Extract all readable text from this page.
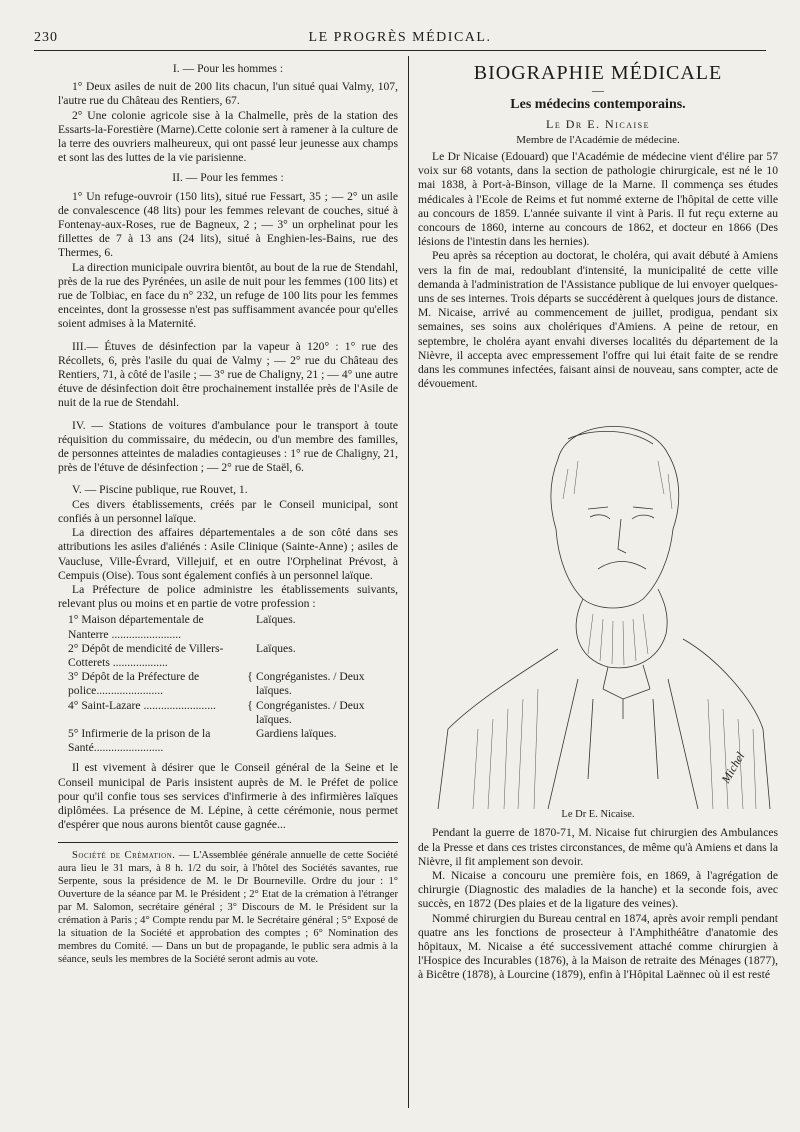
230	LE PROGRÈS MÉDICAL.

I. — Pour les hommes :

1° Deux asiles de nuit de 200 lits chacun, l'un situé quai Valmy, 107, l'autre rue du Château des Rentiers, 67.

2° Une colonie agricole sise à la Chalmelle, près de la station des Essarts-la-Forestière (Marne).Cette colonie sert à ramener à la culture de la terre des ouvriers malheureux, qui ont passé leur jeunesse aux champs et sont las des luttes de la vie parisienne.

II. — Pour les femmes :

1° Un refuge-ouvroir (150 lits), situé rue Fessart, 35 ; — 2° un asile de convalescence (48 lits) pour les femmes relevant de couches, situé à Fontenay-aux-Roses, rue de Bagneux, 2 ; — 3° un orphelinat pour les fillettes de 7 à 13 ans (24 lits), situé à Enghien-les-Bains, rue des Thermes, 6.

La direction municipale ouvrira bientôt, au bout de la rue de Stendahl, près de la rue des Pyrénées, un asile de nuit pour les femmes (100 lits) et rue de Tolbiac, en face du n° 232, un refuge de 100 lits pour les femmes enceintes, dont la grossesse n'est pas suffisamment avancée pour qu'elles soient admises à la Maternité.

III.— Étuves de désinfection par la vapeur à 120° : 1° rue des Récollets, 6, près l'asile du quai de Valmy ; — 2° rue du Château des Rentiers, 71, à côté de l'asile ; — 3° rue de Chaligny, 21 ; — 4° une autre étuve de désinfection doit être prochainement installée près de l'Asile de nuit de la rue de Stendahl.

IV. — Stations de voitures d'ambulance pour le transport à toute réquisition du commissaire, du médecin, ou d'un membre des familles, de personnes atteintes de maladies contagieuses : 1° rue de Chaligny, 21, près de l'étuve de désinfection ; — 2° rue de Staël, 6.

V. — Piscine publique, rue Rouvet, 1.

Ces divers établissements, créés par le Conseil municipal, sont confiés à un personnel laïque.

La direction des affaires départementales a de son côté dans ses attributions les asiles d'aliénés : Asile Clinique (Sainte-Anne) ; asiles de Vaucluse, Ville-Évrard, Villejuif, et en outre l'Orphelinat Prévost, à Cempuis (Oise). Tous sont également confiés à un personnel laïque.

La Préfecture de police administre les établissements suivants, relevant plus ou moins et en partie de votre profession :

1° Maison départementale de Nanterre ........................
Laïques.
2° Dépôt de mendicité de Villers-Cotterets ...................
Laïques.
3° Dépôt de la Préfecture de police.......................
{ Congréganistes. / Deux laïques.
4° Saint-Lazare .........................	{ Congréganistes. / Deux laïques.
5° Infirmerie de la prison de la Santé........................
Gardiens laïques.

Il est vivement à désirer que le Conseil général de la Seine et le Conseil municipal de Paris insistent auprès de M. le Préfet de police pour qu'il confie tous ses services d'infirmerie à des infirmières laïques diplômées. La présence de M. Lépine, à cette cérémonie, nous permet d'espérer que nous aurons bientôt cause gagnée...

Société de Crémation. — L'Assemblée générale annuelle de cette Société aura lieu le 31 mars, à 8 h. 1/2 du soir, à l'hôtel des Sociétés savantes, rue Serpente, sous la présidence de M. le Dr Bourneville. Ordre du jour : 1° Ouverture de la séance par M. le Président ; 2° Etat de la crémation à l'étranger par M. Salomon, secrétaire général ; 3° Discours de M. le Président sur la crémation à Paris ; 4° Compte rendu par M. le Secrétaire général ; 5° Exposé de la situation de la Société et approbation des comptes ; 6° Nomination des membres du Comité. — Dans un but de propagande, le public sera admis à la séance, seuls les membres de la Société seront admis au vote.

BIOGRAPHIE MÉDICALE
—
Les médecins contemporains.
Le Dr E. Nicaise
Membre de l'Académie de médecine.

Le Dr Nicaise (Edouard) que l'Académie de médecine vient d'élire par 57 voix sur 68 votants, dans la section de pathologie chirurgicale, est né le 10 mai 1838, à Port-à-Binson, village de la Marne. Il commença ses études médicales à l'Ecole de Reims et fut nommé externe de l'hôpital de cette ville au concours de 1859. L'année suivante il vint à Paris. Il fut reçu externe au concours de 1860, interne au concours de 1862, et docteur en 1866 (Des lésions de l'intestin dans les hernies).

Peu après sa réception au doctorat, le choléra, qui avait débuté à Amiens vers la fin de mai, redoublant d'intensité, la municipalité de cette ville demanda à l'administration de l'Assistance publique de lui envoyer quelques-uns de ses internes. Trois départs se succédèrent à quelques jours de distance. M. Nicaise, arrivé au commencement de juillet, prodigua, pendant six semaines, ses soins aux cholériques d'Amiens. A peine de retour, en septembre, le choléra ayant envahi diverses localités du département de la Nièvre, il accepta avec empressement l'offre qui lui était faite de se rendre dans les communes infectées, faisant ainsi de nouveau, sans compter, acte de dévouement.

Michel
Le Dr E. Nicaise.

Pendant la guerre de 1870-71, M. Nicaise fut chirurgien des Ambulances de la Presse et dans ces tristes circonstances, de même qu'à Amiens et dans la Nièvre, il fit amplement son devoir.

M. Nicaise a concouru une première fois, en 1869, à l'agrégation de chirurgie (Diagnostic des maladies de la hanche) et la seconde fois, avec succès, en 1872 (Des plaies et de la ligature des veines).

Nommé chirurgien du Bureau central en 1874, après avoir rempli pendant quatre ans les fonctions de prosecteur à l'Amphithéâtre d'anatomie des hôpitaux, M. Nicaise a été successivement attaché comme chirurgien à l'Hospice des Incurables (1876), à la Maison de retraite des Ménages (1877), à Bicêtre (1878), à Lourcine (1879), enfin à l'Hôpital Laënnec où il est resté
